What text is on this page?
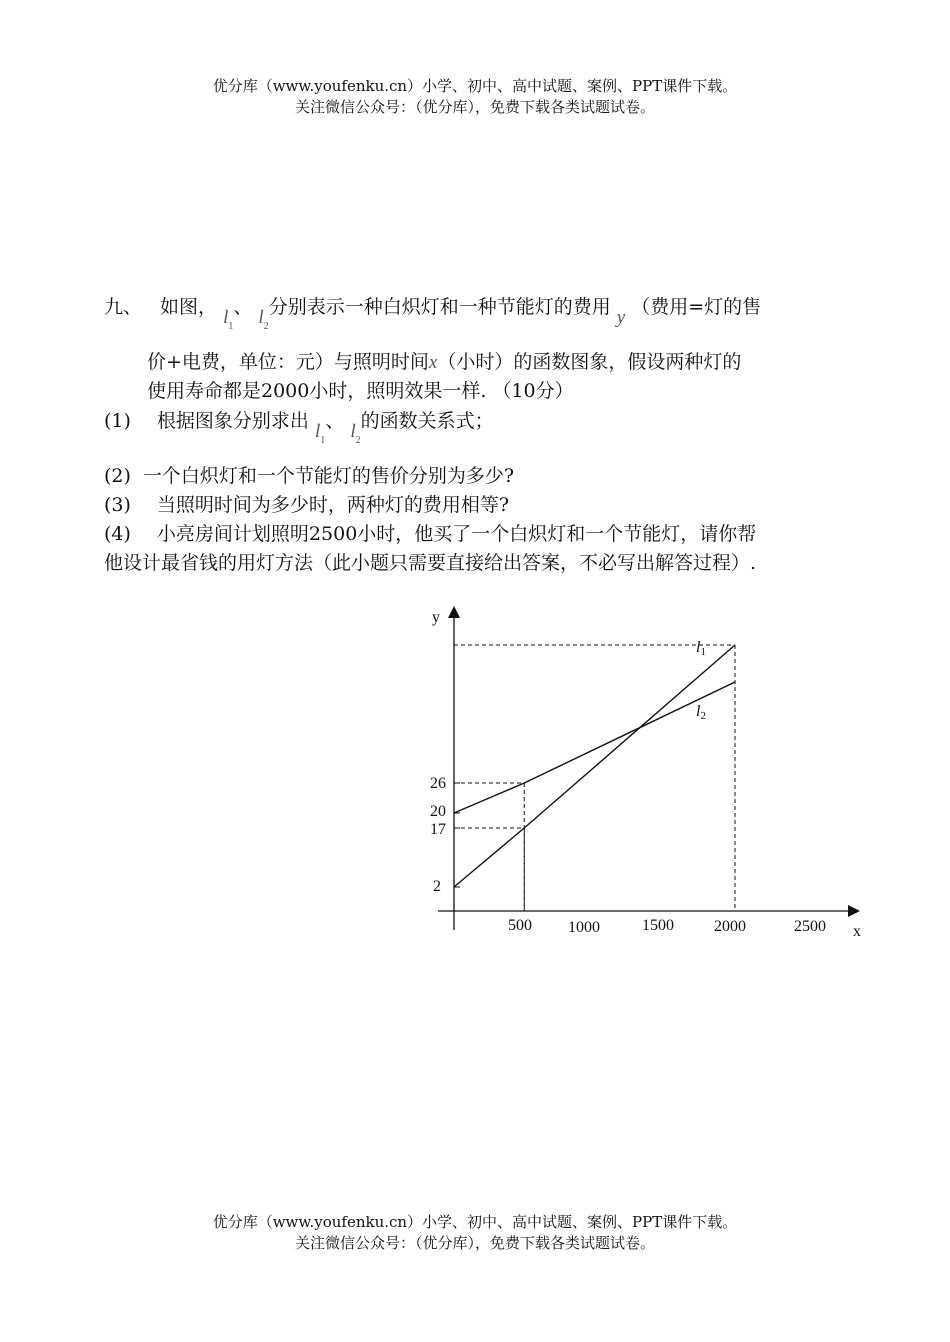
优分库（www.youfenku.cn）小学、初中、高中试题、案例、PPT课件下载。
关注微信公众号：（优分库），免费下载各类试题试卷。
九、 如图， $l_1$、 $l_2$分别表示一种白炽灯和一种节能灯的费用 y （费用=灯的售
价+电费，单位：元）与照明时间x（小时）的函数图象，假设两种灯的
使用寿命都是2000小时，照明效果一样. （10分）
(1) 根据图象分别求出 $l_1$、 $l_2$的函数关系式；
(2) 一个白炽灯和一个节能灯的售价分别为多少?
(3) 当照明时间为多少时，两种灯的费用相等?
(4) 小亮房间计划照明2500小时，他买了一个白炽灯和一个节能灯，请你帮
他设计最省钱的用灯方法（此小题只需要直接给出答案，不必写出解答过程）.
x
y
500 1000	1500	2000	2500
2
17
20
26
l1
l2
优分库（www.youfenku.cn）小学、初中、高中试题、案例、PPT课件下载。
关注微信公众号：（优分库），免费下载各类试题试卷。
